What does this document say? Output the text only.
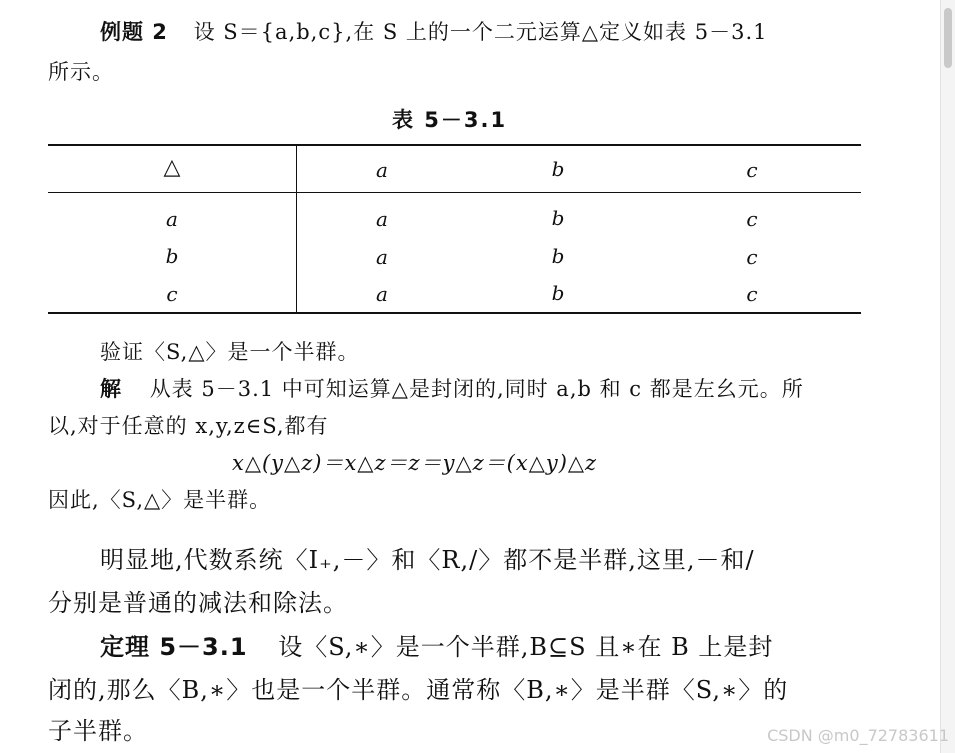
例题 2 设 S＝{a,b,c},在 S 上的一个二元运算△定义如表 5－3.1
所示。
表 5－3.1
△	a	b	c
a	a	b	c
b	a	b	c
c	a	b	c
验证〈S,△〉是一个半群。
解 从表 5－3.1 中可知运算△是封闭的,同时 a,b 和 c 都是左幺元。所
以,对于任意的 x,y,z∈S,都有
x△(y△z)＝x△z＝z＝y△z＝(x△y)△z
因此,〈S,△〉是半群。
明显地,代数系统〈I₊,－〉和〈R,/〉都不是半群,这里,－和/
分别是普通的减法和除法。
定理 5－3.1 设〈S,∗〉是一个半群,B⊆S 且∗在 B 上是封
闭的,那么〈B,∗〉也是一个半群。通常称〈B,∗〉是半群〈S,∗〉的
子半群。	CSDN @m0_72783611
